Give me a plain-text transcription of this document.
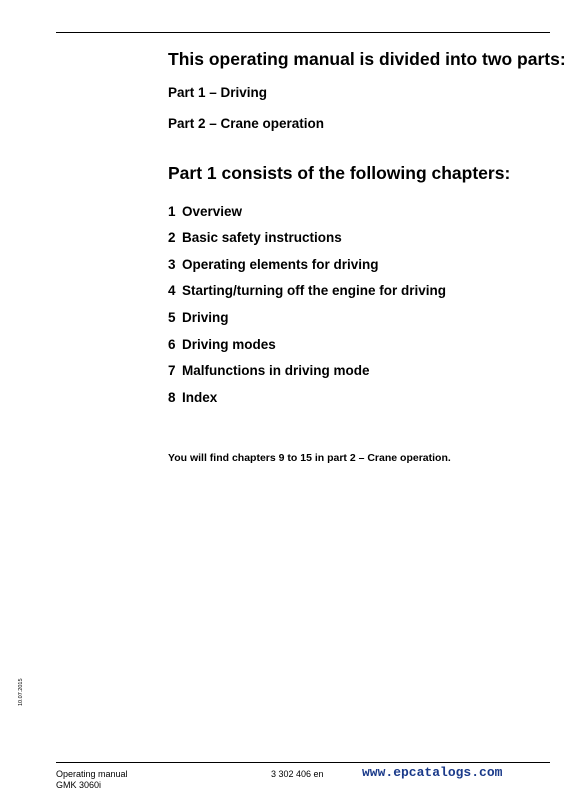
This operating manual is divided into two parts:
Part 1 – Driving
Part 2 – Crane operation
Part 1 consists of the following chapters:
1 Overview
2 Basic safety instructions
3 Operating elements for driving
4 Starting/turning off the engine for driving
5 Driving
6 Driving modes
7 Malfunctions in driving mode
8 Index
You will find chapters 9 to 15 in part 2 – Crane operation.
10.07.2015
Operating manual
GMK 3060i
3 302 406 en	www.epcatalogs.com
